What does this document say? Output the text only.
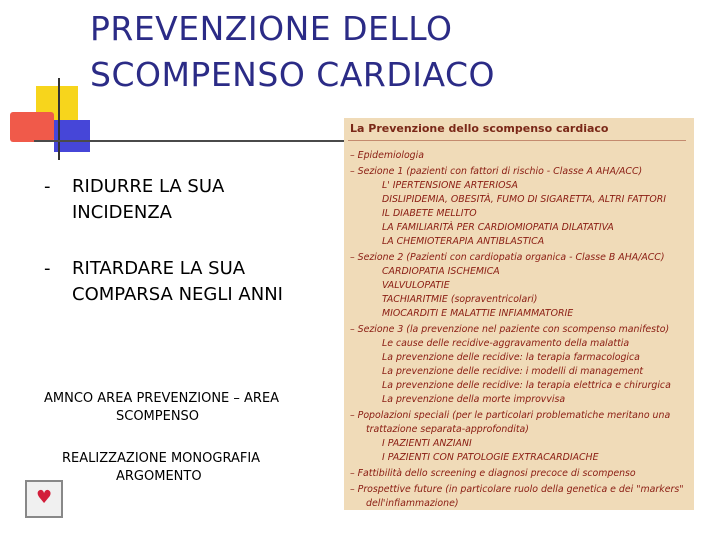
PREVENZIONE DELLO
SCOMPENSO CARDIACO
- RIDURRE LA SUA
INCIDENZA
- RITARDARE LA SUA
COMPARSA NEGLI ANNI
AMNCO AREA PREVENZIONE – AREA
SCOMPENSO
REALIZZAZIONE MONOGRAFIA
ARGOMENTO
♥
La Prevenzione dello scompenso cardiaco
– Epidemiologia
– Sezione 1 (pazienti con fattori di rischio - Classe A AHA/ACC)
L' IPERTENSIONE ARTERIOSA
DISLIPIDEMIA, OBESITÀ, FUMO DI SIGARETTA, ALTRI FATTORI
IL DIABETE MELLITO
LA FAMILIARITÀ PER CARDIOMIOPATIA DILATATIVA
LA CHEMIOTERAPIA ANTIBLASTICA
– Sezione 2 (Pazienti con cardiopatia organica - Classe B AHA/ACC)
CARDIOPATIA ISCHEMICA
VALVULOPATIE
TACHIARITMIE (sopraventricolari)
MIOCARDITI E MALATTIE INFIAMMATORIE
– Sezione 3 (la prevenzione nel paziente con scompenso manifesto)
Le cause delle recidive-aggravamento della malattia
La prevenzione delle recidive: la terapia farmacologica
La prevenzione delle recidive: i modelli di management
La prevenzione delle recidive: la terapia elettrica e chirurgica
La prevenzione della morte improvvisa
– Popolazioni speciali (per le particolari problematiche meritano una
trattazione separata-approfondita)
I PAZIENTI ANZIANI
I PAZIENTI CON PATOLOGIE EXTRACARDIACHE
– Fattibilità dello screening e diagnosi precoce di scompenso
– Prospettive future (in particolare ruolo della genetica e dei "markers"
dell'infiammazione)
